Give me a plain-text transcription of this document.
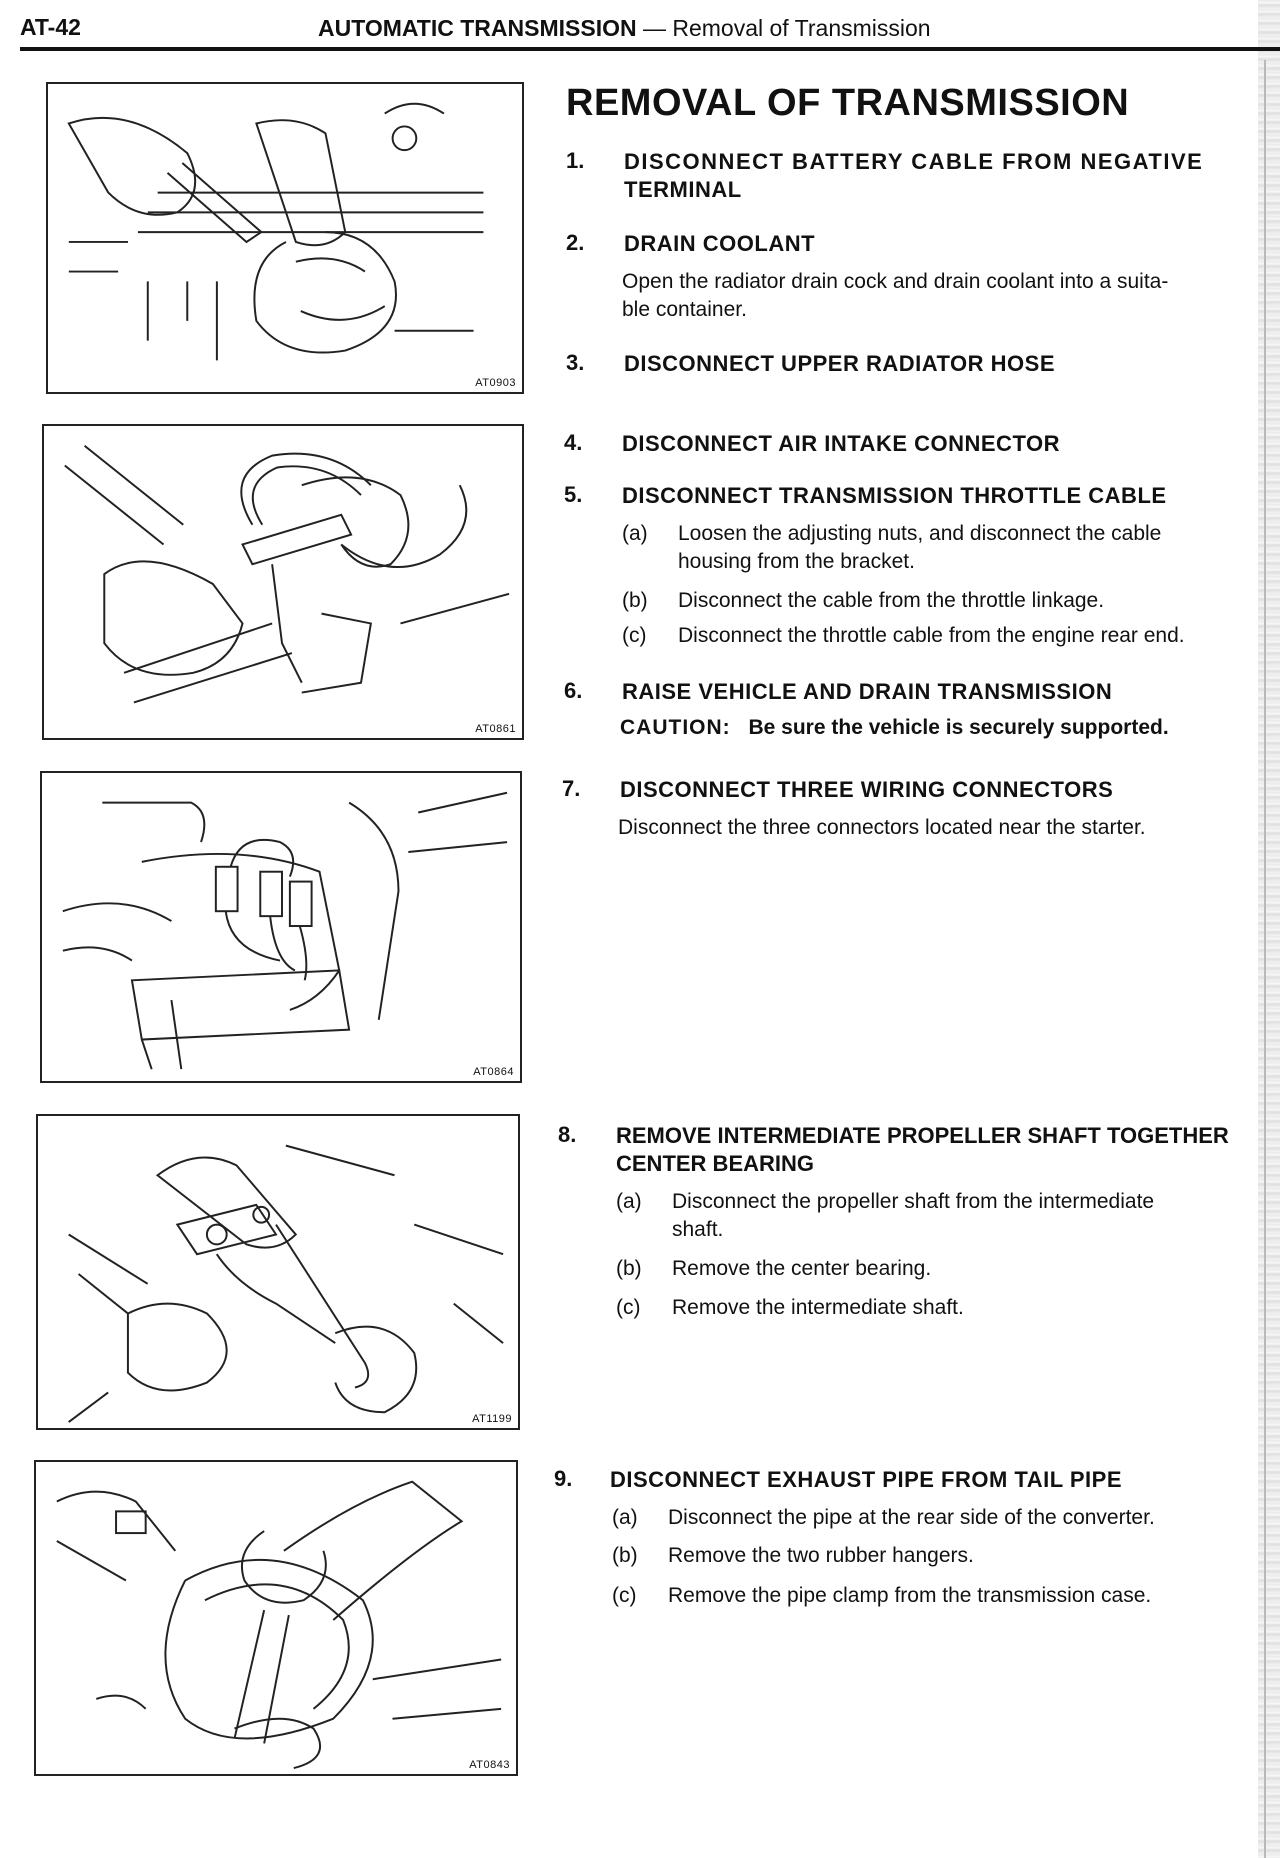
AT-42	AUTOMATIC TRANSMISSION — Removal of Transmission
AT0903
AT0861
AT0864
AT1199
AT0843
REMOVAL OF TRANSMISSION
1. DISCONNECT BATTERY CABLE FROM NEGATIVE
TERMINAL
2. DRAIN COOLANT
Open the radiator drain cock and drain coolant into a suita-
ble container.
3. DISCONNECT UPPER RADIATOR HOSE
4. DISCONNECT AIR INTAKE CONNECTOR
5. DISCONNECT TRANSMISSION THROTTLE CABLE
(a) Loosen the adjusting nuts, and disconnect the cable
housing from the bracket.
(b) Disconnect the cable from the throttle linkage.
(c) Disconnect the throttle cable from the engine rear end.
6. RAISE VEHICLE AND DRAIN TRANSMISSION
CAUTION: Be sure the vehicle is securely supported.
7. DISCONNECT THREE WIRING CONNECTORS
Disconnect the three connectors located near the starter.
8. REMOVE INTERMEDIATE PROPELLER SHAFT TOGETHER
CENTER BEARING
(a) Disconnect the propeller shaft from the intermediate
shaft.
(b) Remove the center bearing.
(c) Remove the intermediate shaft.
9. DISCONNECT EXHAUST PIPE FROM TAIL PIPE
(a) Disconnect the pipe at the rear side of the converter.
(b) Remove the two rubber hangers.
(c) Remove the pipe clamp from the transmission case.
